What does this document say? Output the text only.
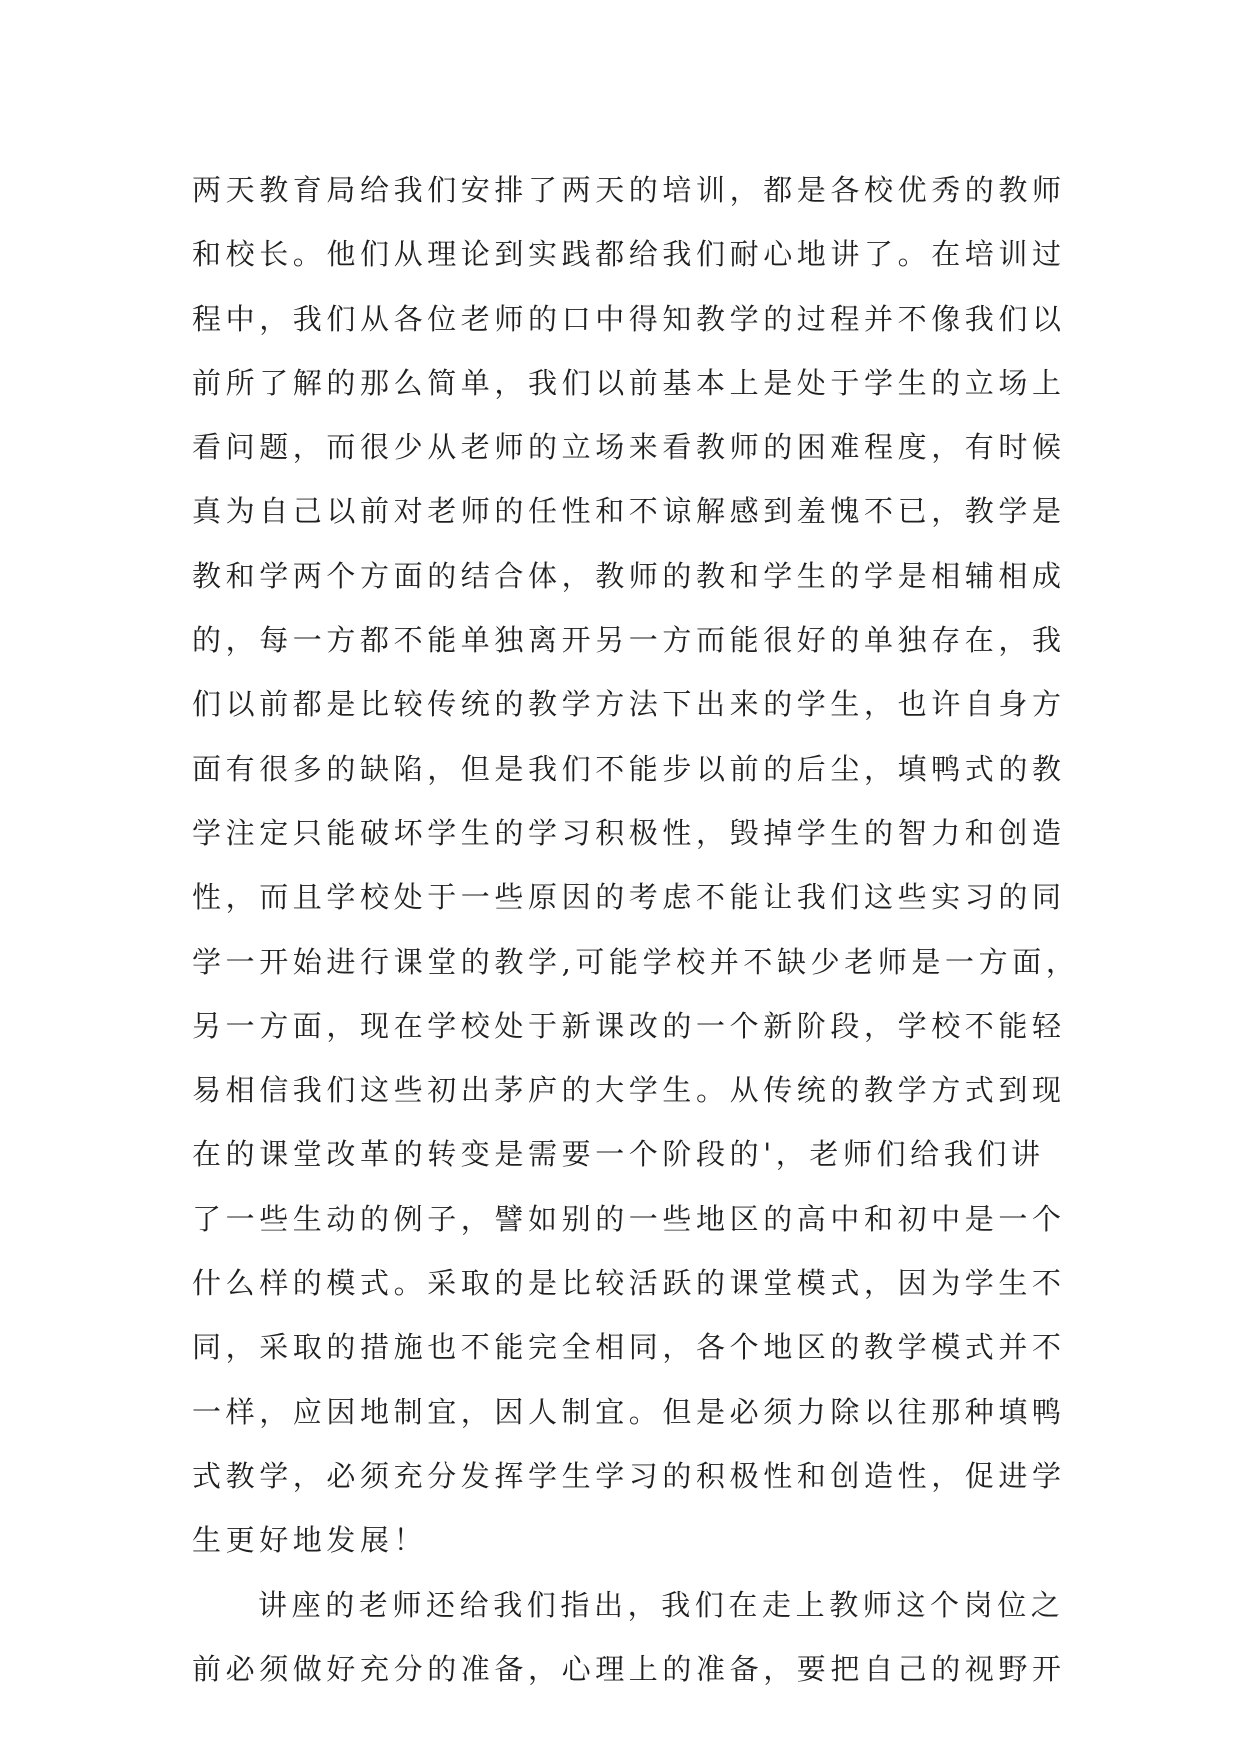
两天教育局给我们安排了两天的培训，都是各校优秀的教师
和校长。他们从理论到实践都给我们耐心地讲了。在培训过
程中，我们从各位老师的口中得知教学的过程并不像我们以
前所了解的那么简单，我们以前基本上是处于学生的立场上
看问题，而很少从老师的立场来看教师的困难程度，有时候
真为自己以前对老师的任性和不谅解感到羞愧不已，教学是
教和学两个方面的结合体，教师的教和学生的学是相辅相成
的，每一方都不能单独离开另一方而能很好的单独存在，我
们以前都是比较传统的教学方法下出来的学生，也许自身方
面有很多的缺陷，但是我们不能步以前的后尘，填鸭式的教
学注定只能破坏学生的学习积极性，毁掉学生的智力和创造
性，而且学校处于一些原因的考虑不能让我们这些实习的同
学一开始进行课堂的教学,可能学校并不缺少老师是一方面，
另一方面，现在学校处于新课改的一个新阶段，学校不能轻
易相信我们这些初出茅庐的大学生。从传统的教学方式到现
在的课堂改革的转变是需要一个阶段的'，老师们给我们讲
了一些生动的例子，譬如别的一些地区的高中和初中是一个
什么样的模式。采取的是比较活跃的课堂模式，因为学生不
同，采取的措施也不能完全相同，各个地区的教学模式并不
一样，应因地制宜，因人制宜。但是必须力除以往那种填鸭
式教学，必须充分发挥学生学习的积极性和创造性，促进学
生更好地发展！
讲座的老师还给我们指出，我们在走上教师这个岗位之
前必须做好充分的准备，心理上的准备，要把自己的视野开
